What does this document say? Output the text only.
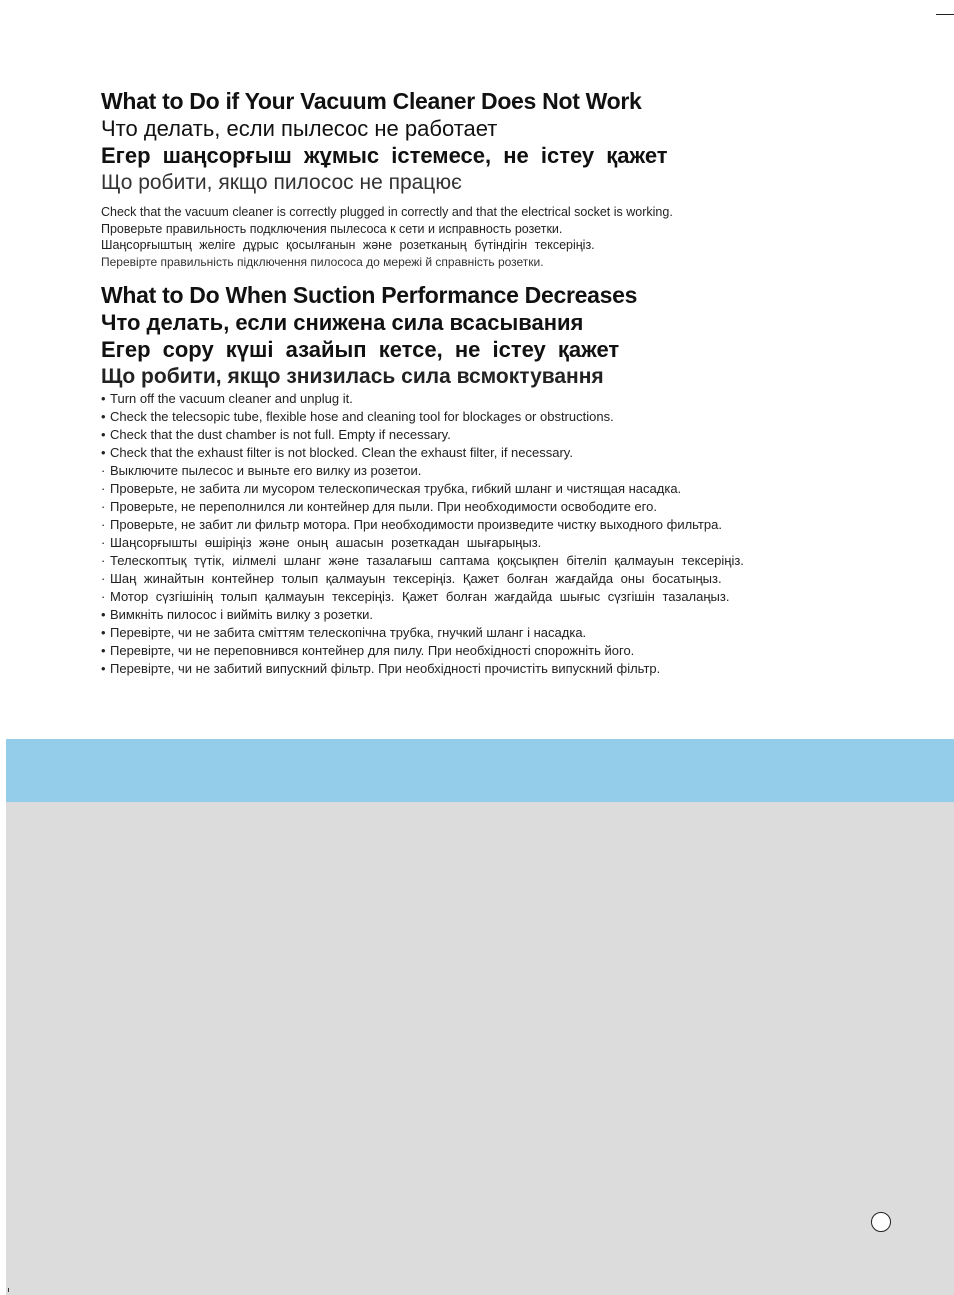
What to Do if Your Vacuum Cleaner Does Not Work
Что делать, если пылесос не работает
Егер шаңсорғыш жұмыс істемесе, не істеу қажет
Що робити, якщо пилосос не працює

Check that the vacuum cleaner is correctly plugged in correctly and that the electrical socket is working.

Проверьте правильность подключения пылесоса к сети и исправность розетки.

Шаңсорғыштың желіге дұрыс қосылғанын және розетканың бүтіндігін тексеріңіз.

Перевірте правильність підключення пилососа до мережі й справність розетки.

What to Do When Suction Performance Decreases
Что делать, если снижена сила всасывания
Егер сору күші азайып кетсе, не істеу қажет
Що робити, якщо знизилась сила всмоктування
• Turn off the vacuum cleaner and unplug it.
• Check the telecsopic tube, flexible hose and cleaning tool for blockages or obstructions.
• Check that the dust chamber is not full. Empty if necessary.
• Check that the exhaust filter is not blocked. Clean the exhaust filter, if necessary.
· Выключите пылесос и выньте его вилку из розетои.
· Проверьте, не забита ли мусором телескопическая трубка, гибкий шланг и чистящая насадка.
· Проверьте, не переполнился ли контейнер для пыли. При необходимости освободите его.
· Проверьте, не забит ли фильтр мотора. При необходимости произведите чистку выходного фильтра.
· Шаңсорғышты өшіріңіз және оның ашасын розеткадан шығарыңыз.
· Телескоптық түтік, иілмелі шланг және тазалағыш саптама қоқсықпен бітеліп қалмауын тексеріңіз.
· Шаң жинайтын контейнер толып қалмауын тексеріңіз. Қажет болған жағдайда оны босатыңыз.
· Мотор сүзгішінің толып қалмауын тексеріңіз. Қажет болған жағдайда шығыс сүзгішін тазалаңыз.
• Вимкніть пилосос і вийміть вилку з розетки.
• Перевірте, чи не забита сміттям телескопічна трубка, гнучкий шланг і насадка.
• Перевірте, чи не переповнився контейнер для пилу. При необхідності спорожніть його.
• Перевірте, чи не забитий випускний фільтр. При необхідності прочистіть випускний фільтр.
